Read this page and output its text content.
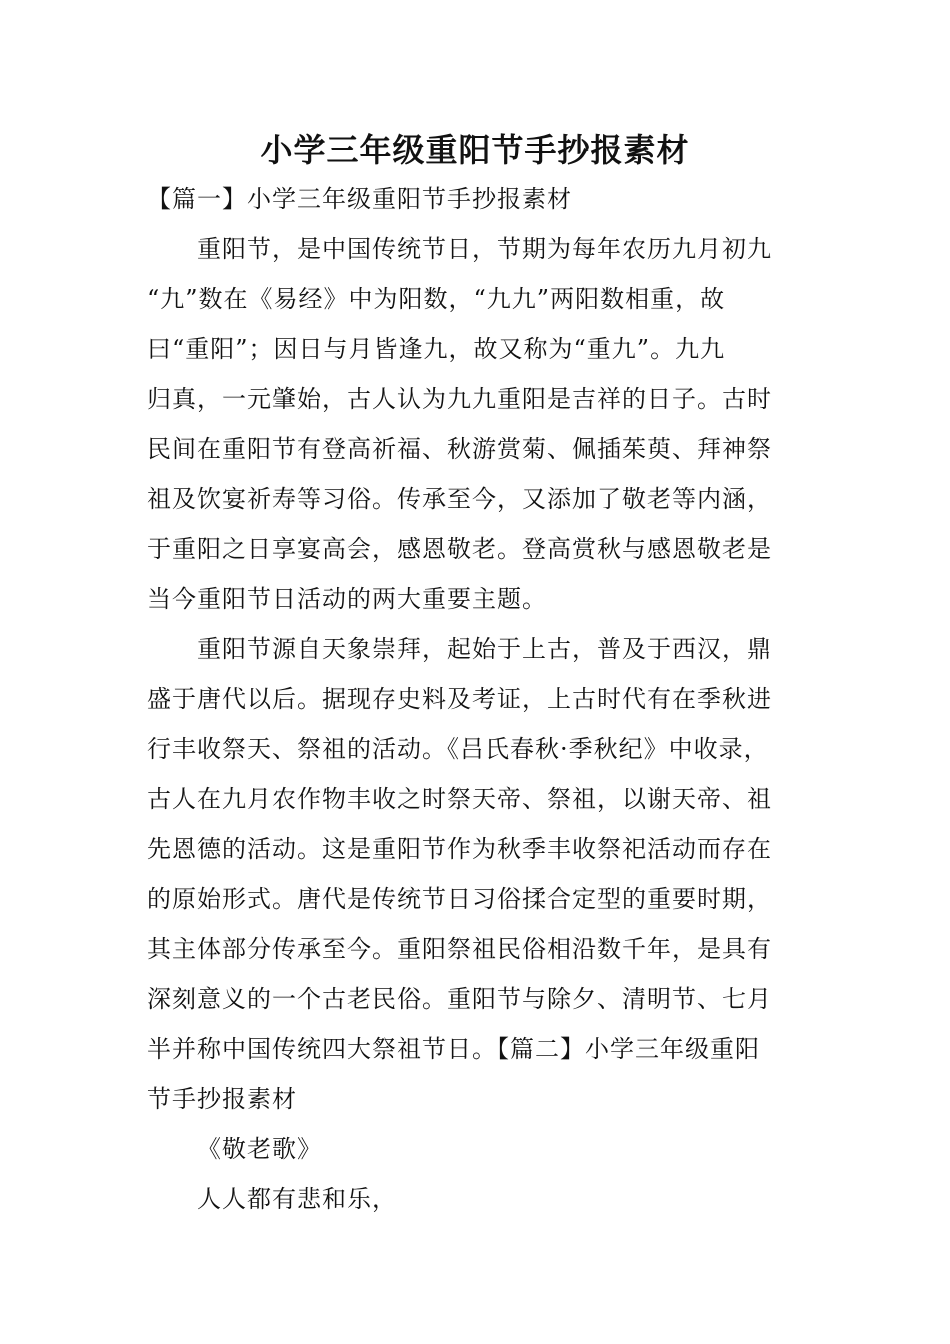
小学三年级重阳节手抄报素材
【篇一】小学三年级重阳节手抄报素材
重阳节，是中国传统节日，节期为每年农历九月初九
“九”数在《易经》中为阳数，“九九”两阳数相重，故
曰“重阳”；因日与月皆逢九，故又称为“重九”。九九
归真，一元肇始，古人认为九九重阳是吉祥的日子。古时
民间在重阳节有登高祈福、秋游赏菊、佩插茱萸、拜神祭
祖及饮宴祈寿等习俗。传承至今，又添加了敬老等内涵，
于重阳之日享宴高会，感恩敬老。登高赏秋与感恩敬老是
当今重阳节日活动的两大重要主题。
重阳节源自天象崇拜，起始于上古，普及于西汉，鼎
盛于唐代以后。据现存史料及考证，上古时代有在季秋进
行丰收祭天、祭祖的活动。《吕氏春秋·季秋纪》中收录，
古人在九月农作物丰收之时祭天帝、祭祖，以谢天帝、祖
先恩德的活动。这是重阳节作为秋季丰收祭祀活动而存在
的原始形式。唐代是传统节日习俗揉合定型的重要时期，
其主体部分传承至今。重阳祭祖民俗相沿数千年，是具有
深刻意义的一个古老民俗。重阳节与除夕、清明节、七月
半并称中国传统四大祭祖节日。【篇二】小学三年级重阳
节手抄报素材
《敬老歌》
人人都有悲和乐，
